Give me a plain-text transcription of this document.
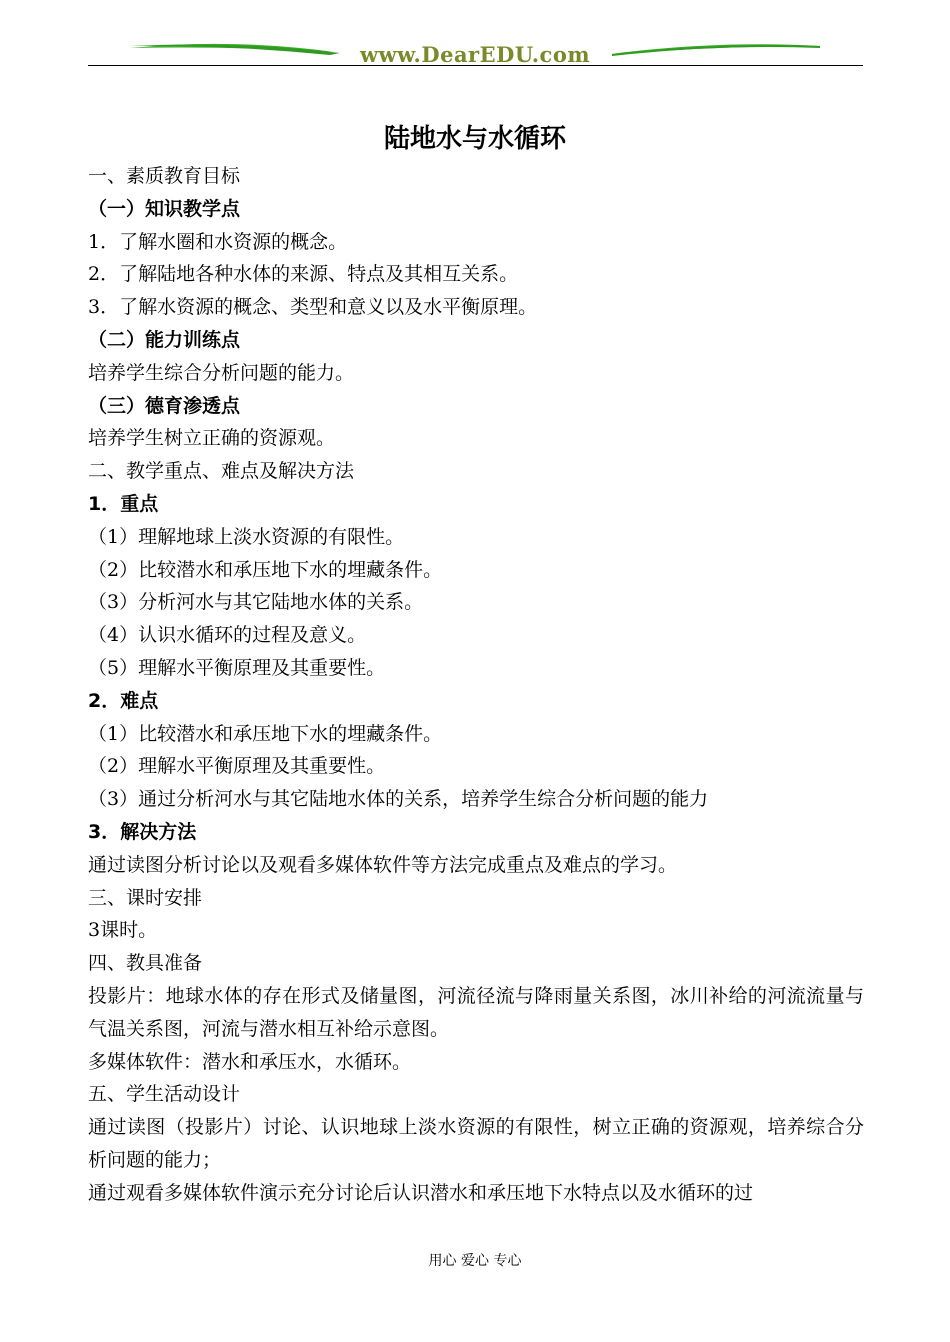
www.DearEDU.com
陆地水与水循环
一、素质教育目标
（一）知识教学点
1．了解水圈和水资源的概念。
2．了解陆地各种水体的来源、特点及其相互关系。
3．了解水资源的概念、类型和意义以及水平衡原理。
（二）能力训练点
培养学生综合分析问题的能力。
（三）德育渗透点
培养学生树立正确的资源观。
二、教学重点、难点及解决方法
1．重点
（1）理解地球上淡水资源的有限性。
（2）比较潜水和承压地下水的埋藏条件。
（3）分析河水与其它陆地水体的关系。
（4）认识水循环的过程及意义。
（5）理解水平衡原理及其重要性。
2．难点
（1）比较潜水和承压地下水的埋藏条件。
（2）理解水平衡原理及其重要性。
（3）通过分析河水与其它陆地水体的关系，培养学生综合分析问题的能力
3．解决方法
通过读图分析讨论以及观看多媒体软件等方法完成重点及难点的学习。
三、课时安排
3课时。
四、教具准备
投影片：地球水体的存在形式及储量图，河流径流与降雨量关系图，冰川补给的河流流量与气温关系图，河流与潜水相互补给示意图。
多媒体软件：潜水和承压水，水循环。
五、学生活动设计
通过读图（投影片）讨论、认识地球上淡水资源的有限性，树立正确的资源观，培养综合分析问题的能力；
通过观看多媒体软件演示充分讨论后认识潜水和承压地下水特点以及水循环的过
用心 爱心 专心
